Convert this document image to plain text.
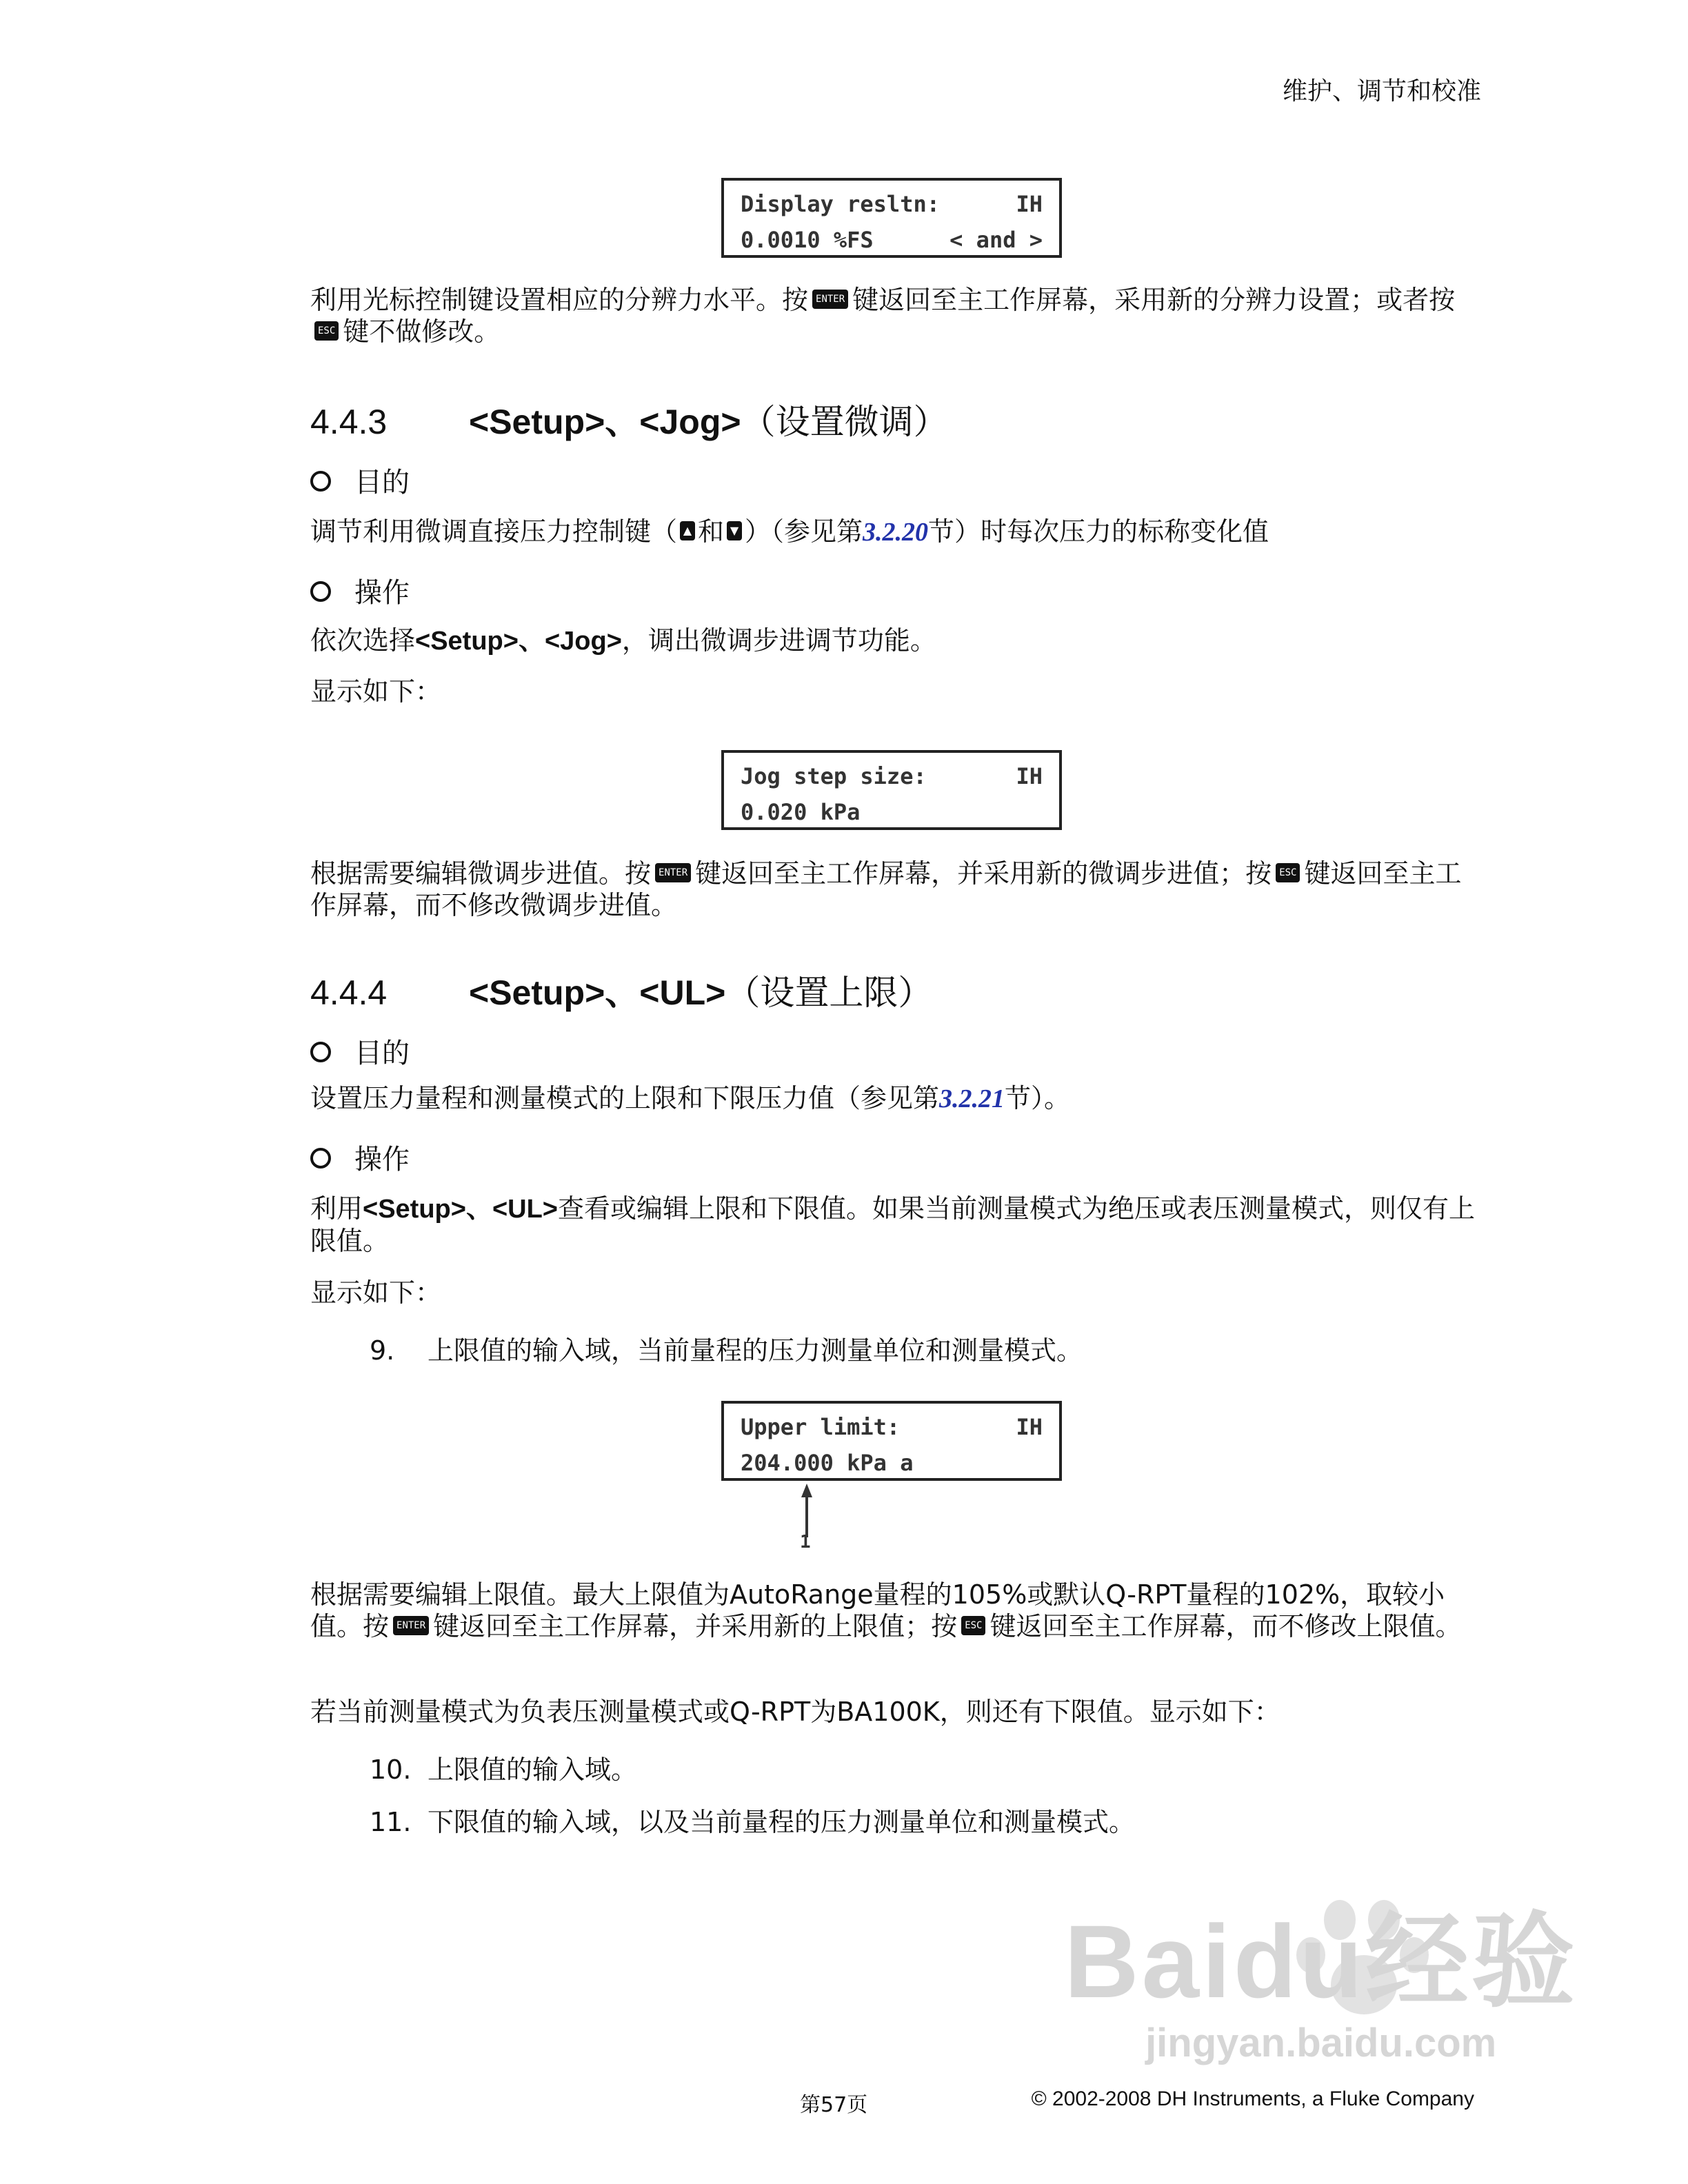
维护、调节和校准
Display resltn:	IH
0.0010 %FS	< and >
利用光标控制键设置相应的分辨力水平。按 ENTER 键返回至主工作屏幕，采用新的分辨力设置；或者按ESC 键不做修改。
4.4.3 <Setup>、<Jog>（设置微调）
目的
调节利用微调直接压力控制键（ ▲ 和 ▼ ）（参见第3.2.20节）时每次压力的标称变化值
操作
依次选择<Setup>、<Jog>，调出微调步进调节功能。
显示如下：
Jog step size:	IH
0.020 kPa
根据需要编辑微调步进值。按 ENTER 键返回至主工作屏幕，并采用新的微调步进值；按 ESC 键返回至主工作屏幕，而不修改微调步进值。
4.4.4 <Setup>、<UL>（设置上限）
目的
设置压力量程和测量模式的上限和下限压力值（参见第3.2.21节）。
操作
利用<Setup>、<UL>查看或编辑上限和下限值。如果当前测量模式为绝压或表压测量模式，则仅有上限值。
显示如下：
9. 上限值的输入域，当前量程的压力测量单位和测量模式。
Upper limit:	IH
204.000 kPa a
1
根据需要编辑上限值。最大上限值为AutoRange量程的105%或默认Q-RPT量程的102%，取较小值。按 ENTER 键返回至主工作屏幕，并采用新的上限值；按 ESC 键返回至主工作屏幕，而不修改上限值。
若当前测量模式为负表压测量模式或Q-RPT为BA100K，则还有下限值。显示如下：
10. 上限值的输入域。
11. 下限值的输入域，以及当前量程的压力测量单位和测量模式。
Baidu经验
jingyan.baidu.com
第57页	© 2002-2008 DH Instruments, a Fluke Company
